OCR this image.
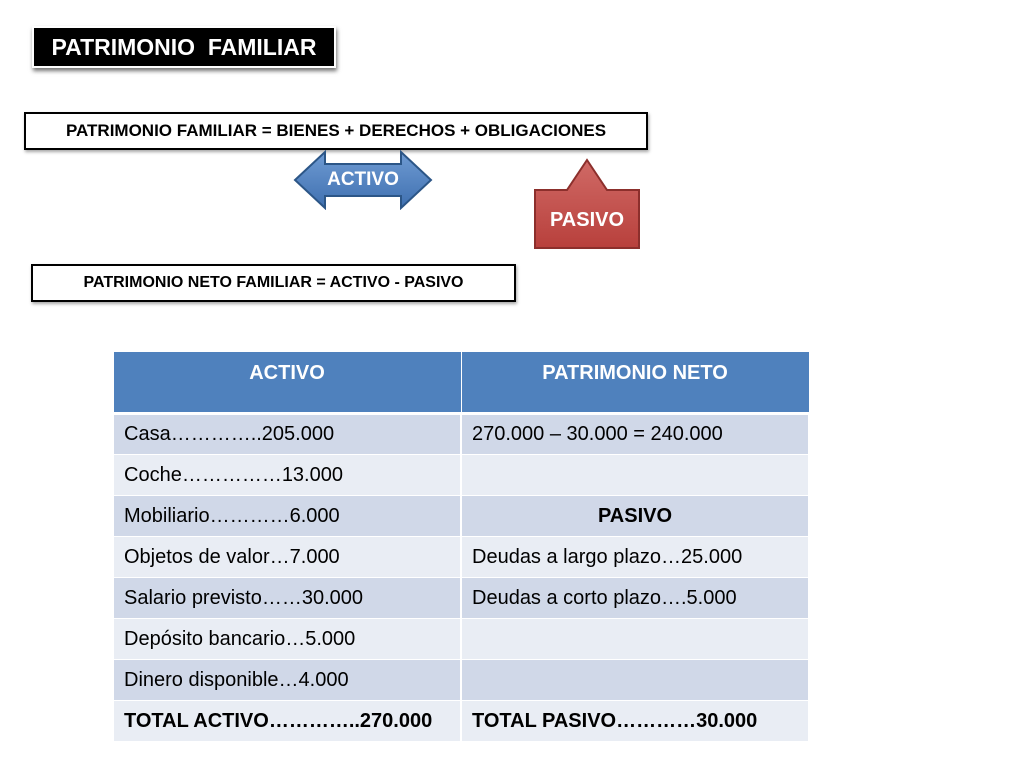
PATRIMONIO  FAMILIAR
PATRIMONIO FAMILIAR = BIENES + DERECHOS + OBLIGACIONES
ACTIVO
PASIVO
PATRIMONIO NETO FAMILIAR = ACTIVO - PASIVO
ACTIVO	PATRIMONIO NETO
Casa…………..205.000	270.000 – 30.000 = 240.000
Coche……………13.000	
Mobiliario…………6.000	PASIVO
Objetos de valor…7.000	Deudas a largo plazo…25.000
Salario previsto……30.000	Deudas a corto plazo….5.000
Depósito bancario…5.000	
Dinero disponible…4.000	
TOTAL ACTIVO…………..270.000	TOTAL PASIVO…………30.000
